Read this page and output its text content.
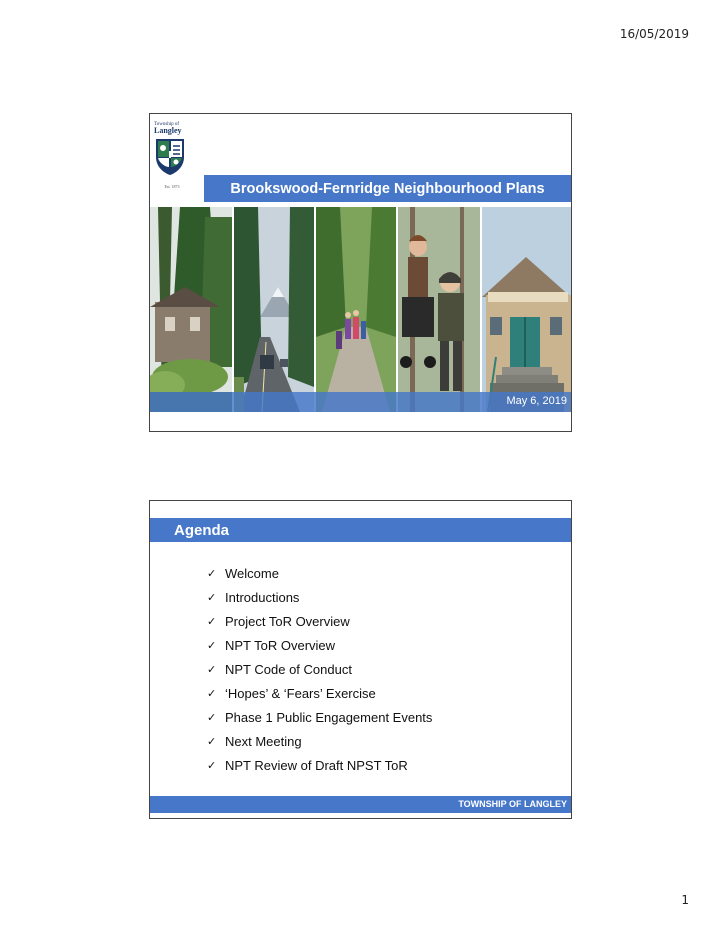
16/05/2019
Township of
Langley
Est. 1873	Brookswood-Fernridge Neighbourhood Plans
May 6, 2019
Agenda
✓ Welcome
✓ Introductions
✓ Project ToR Overview
✓ NPT ToR Overview
✓ NPT Code of Conduct
✓ ‘Hopes’ & ‘Fears’ Exercise
✓ Phase 1 Public Engagement Events
✓ Next Meeting
✓ NPT Review of Draft NPST ToR
TOWNSHIP OF LANGLEY
1
